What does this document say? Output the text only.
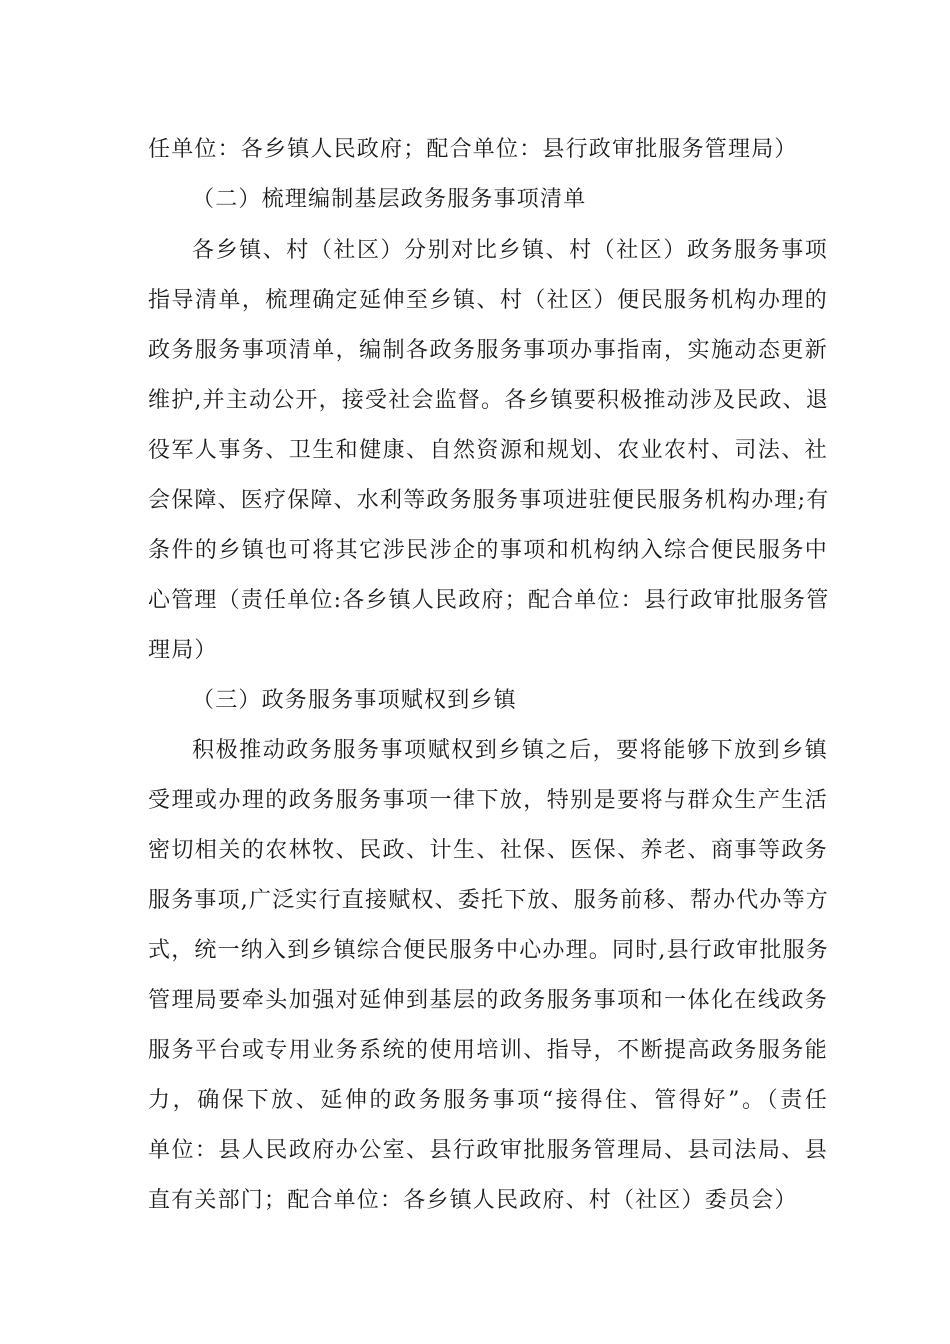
任单位：各乡镇人民政府；配合单位：县行政审批服务管理局）
（二）梳理编制基层政务服务事项清单
各乡镇、村（社区）分别对比乡镇、村（社区）政务服务事项
指导清单，梳理确定延伸至乡镇、村（社区）便民服务机构办理的
政务服务事项清单，编制各政务服务事项办事指南，实施动态更新
维护,并主动公开，接受社会监督。各乡镇要积极推动涉及民政、退
役军人事务、卫生和健康、自然资源和规划、农业农村、司法、社
会保障、医疗保障、水利等政务服务事项进驻便民服务机构办理;有
条件的乡镇也可将其它涉民涉企的事项和机构纳入综合便民服务中
心管理（责任单位:各乡镇人民政府；配合单位：县行政审批服务管
理局）
（三）政务服务事项赋权到乡镇
积极推动政务服务事项赋权到乡镇之后，要将能够下放到乡镇
受理或办理的政务服务事项一律下放，特别是要将与群众生产生活
密切相关的农林牧、民政、计生、社保、医保、养老、商事等政务
服务事项,广泛实行直接赋权、委托下放、服务前移、帮办代办等方
式，统一纳入到乡镇综合便民服务中心办理。同时,县行政审批服务
管理局要牵头加强对延伸到基层的政务服务事项和一体化在线政务
服务平台或专用业务系统的使用培训、指导，不断提高政务服务能
力，确保下放、延伸的政务服务事项“接得住、管得好”。（责任
单位：县人民政府办公室、县行政审批服务管理局、县司法局、县
直有关部门；配合单位：各乡镇人民政府、村（社区）委员会）
